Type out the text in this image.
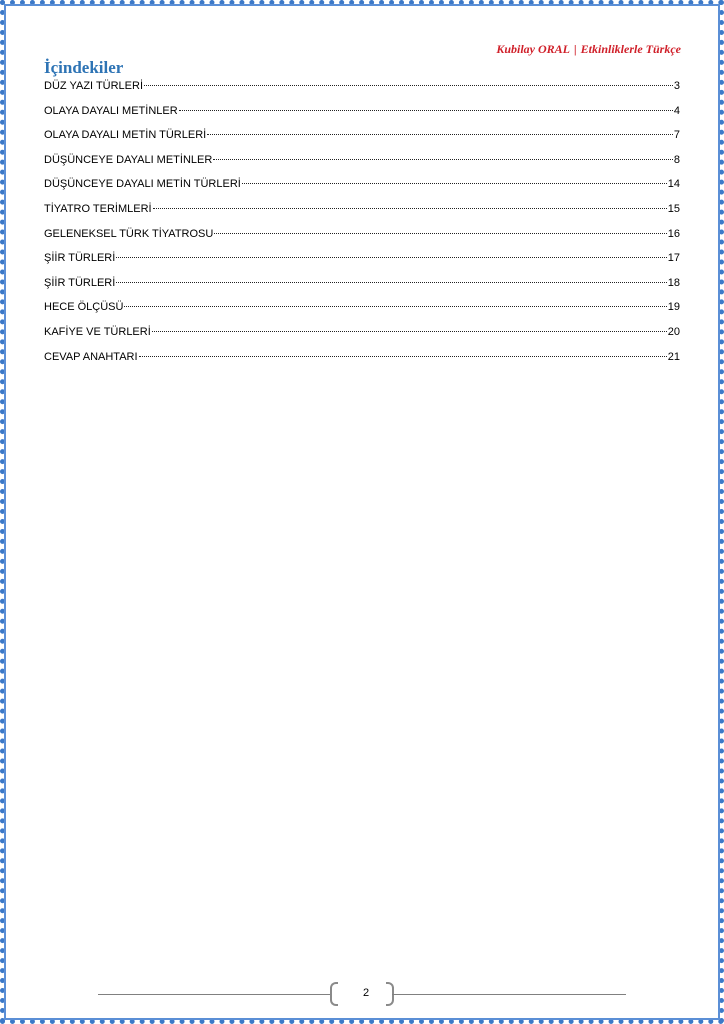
Kubilay ORAL | Etkinliklerle Türkçe
İçindekiler
DÜZ YAZI TÜRLERİ	3
OLAYA DAYALI METİNLER	4
OLAYA DAYALI METİN TÜRLERİ	7
DÜŞÜNCEYE DAYALI METİNLER	8
DÜŞÜNCEYE DAYALI METİN TÜRLERİ	14
TİYATRO TERİMLERİ	15
GELENEKSEL TÜRK TİYATROSU	16
ŞİİR TÜRLERİ	17
ŞİİR TÜRLERİ	18
HECE ÖLÇÜSÜ	19
KAFİYE VE TÜRLERİ	20
CEVAP ANAHTARI	21
2
